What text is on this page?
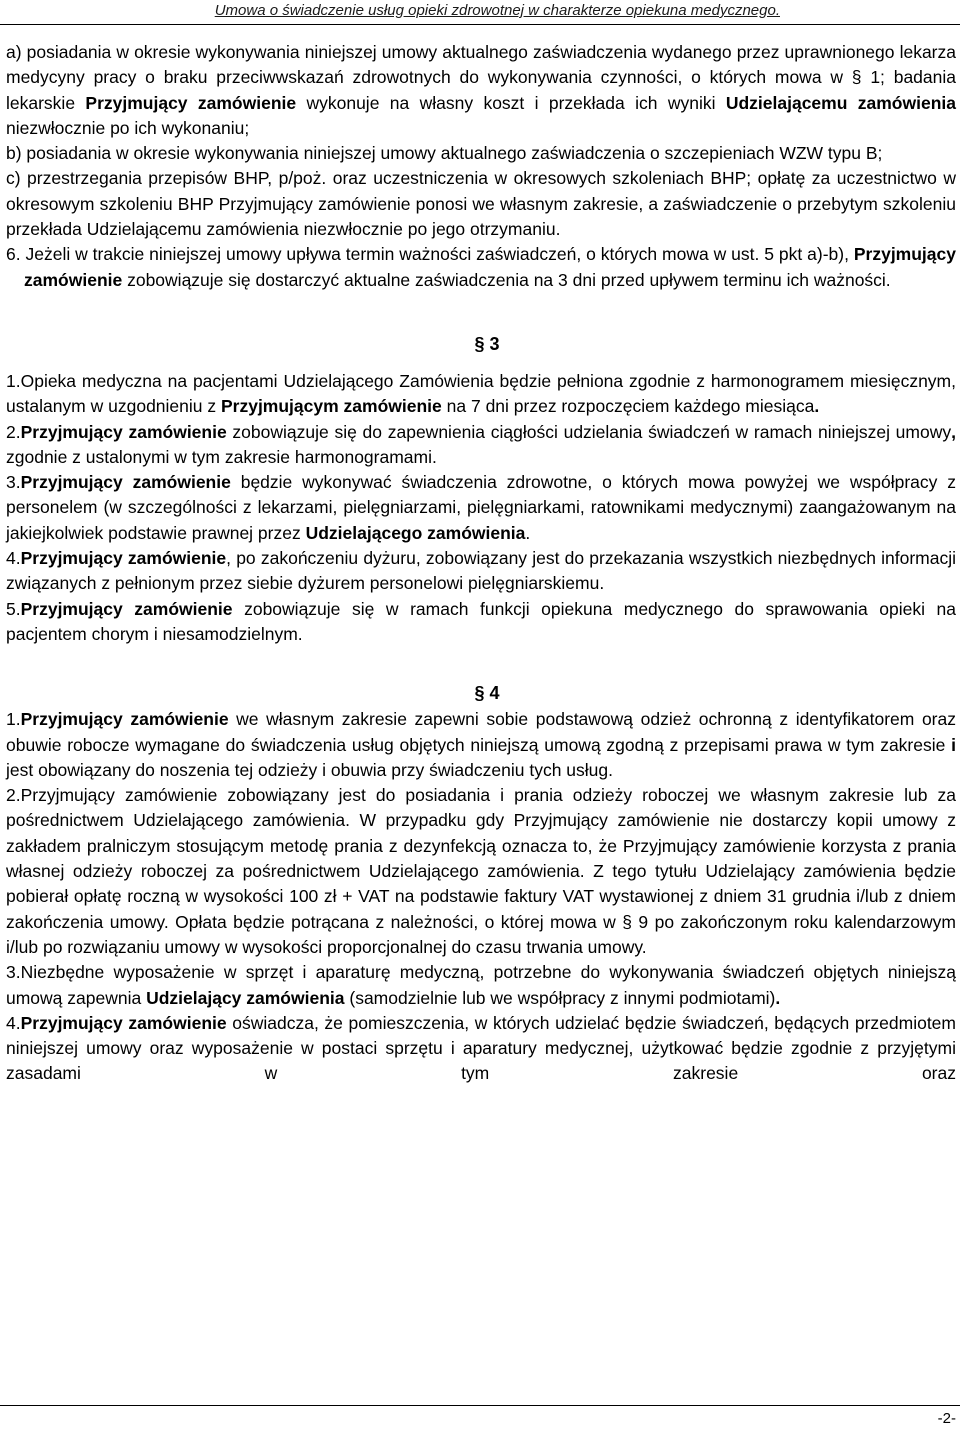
Umowa o świadczenie usług opieki zdrowotnej w charakterze opiekuna medycznego.

a) posiadania w okresie wykonywania niniejszej umowy aktualnego zaświadczenia wydanego przez uprawnionego lekarza medycyny pracy o braku przeciwwskazań zdrowotnych do wykonywania czynności, o których mowa w § 1; badania lekarskie Przyjmujący zamówienie wykonuje na własny koszt i przekłada ich wyniki Udzielającemu zamówienia niezwłocznie po ich wykonaniu;

b) posiadania w okresie wykonywania niniejszej umowy aktualnego zaświadczenia o szczepieniach WZW typu B;

c) przestrzegania przepisów BHP, p/poż. oraz uczestniczenia w okresowych szkoleniach BHP; opłatę za uczestnictwo w okresowym szkoleniu BHP Przyjmujący zamówienie ponosi we własnym zakresie, a zaświadczenie o przebytym szkoleniu przekłada Udzielającemu zamówienia niezwłocznie po jego otrzymaniu.

6. Jeżeli w trakcie niniejszej umowy upływa termin ważności zaświadczeń, o których mowa w ust. 5 pkt a)-b), Przyjmujący zamówienie zobowiązuje się dostarczyć aktualne zaświadczenia na 3 dni przed upływem terminu ich ważności.

§ 3

1.Opieka medyczna na pacjentami Udzielającego Zamówienia będzie pełniona zgodnie z harmonogramem miesięcznym, ustalanym w uzgodnieniu z Przyjmującym zamówienie na 7 dni przez rozpoczęciem każdego miesiąca.

2.Przyjmujący zamówienie zobowiązuje się do zapewnienia ciągłości udzielania świadczeń w ramach niniejszej umowy, zgodnie z ustalonymi w tym zakresie harmonogramami.

3.Przyjmujący zamówienie będzie wykonywać świadczenia zdrowotne, o których mowa powyżej we współpracy z personelem (w szczególności z lekarzami, pielęgniarzami, pielęgniarkami, ratownikami medycznymi) zaangażowanym na jakiejkolwiek podstawie prawnej przez Udzielającego zamówienia.

4.Przyjmujący zamówienie, po zakończeniu dyżuru, zobowiązany jest do przekazania wszystkich niezbędnych informacji związanych z pełnionym przez siebie dyżurem personelowi pielęgniarskiemu.

5.Przyjmujący zamówienie zobowiązuje się w ramach funkcji opiekuna medycznego do sprawowania opieki na pacjentem chorym i niesamodzielnym.

§ 4

1.Przyjmujący zamówienie we własnym zakresie zapewni sobie podstawową odzież ochronną z identyfikatorem oraz obuwie robocze wymagane do świadczenia usług objętych niniejszą umową zgodną z przepisami prawa w tym zakresie i jest obowiązany do noszenia tej odzieży i obuwia przy świadczeniu tych usług.

2.Przyjmujący zamówienie zobowiązany jest do posiadania i prania odzieży roboczej we własnym zakresie lub za pośrednictwem Udzielającego zamówienia. W przypadku gdy Przyjmujący zamówienie nie dostarczy kopii umowy z zakładem pralniczym stosującym metodę prania z dezynfekcją oznacza to, że Przyjmujący zamówienie korzysta z prania własnej odzieży roboczej za pośrednictwem Udzielającego zamówienia. Z tego tytułu Udzielający zamówienia będzie pobierał opłatę roczną w wysokości 100 zł + VAT na podstawie faktury VAT wystawionej z dniem 31 grudnia i/lub z dniem zakończenia umowy. Opłata będzie potrącana z należności, o której mowa w § 9 po zakończonym roku kalendarzowym i/lub po rozwiązaniu umowy w wysokości proporcjonalnej do czasu trwania umowy.

3.Niezbędne wyposażenie w sprzęt i aparaturę medyczną, potrzebne do wykonywania świadczeń objętych niniejszą umową zapewnia Udzielający zamówienia (samodzielnie lub we współpracy z innymi podmiotami).

4.Przyjmujący zamówienie oświadcza, że pomieszczenia, w których udzielać będzie świadczeń, będących przedmiotem niniejszej umowy oraz wyposażenie w postaci sprzętu i aparatury medycznej, użytkować będzie zgodnie z przyjętymi zasadami w tym zakresie oraz

-2-
